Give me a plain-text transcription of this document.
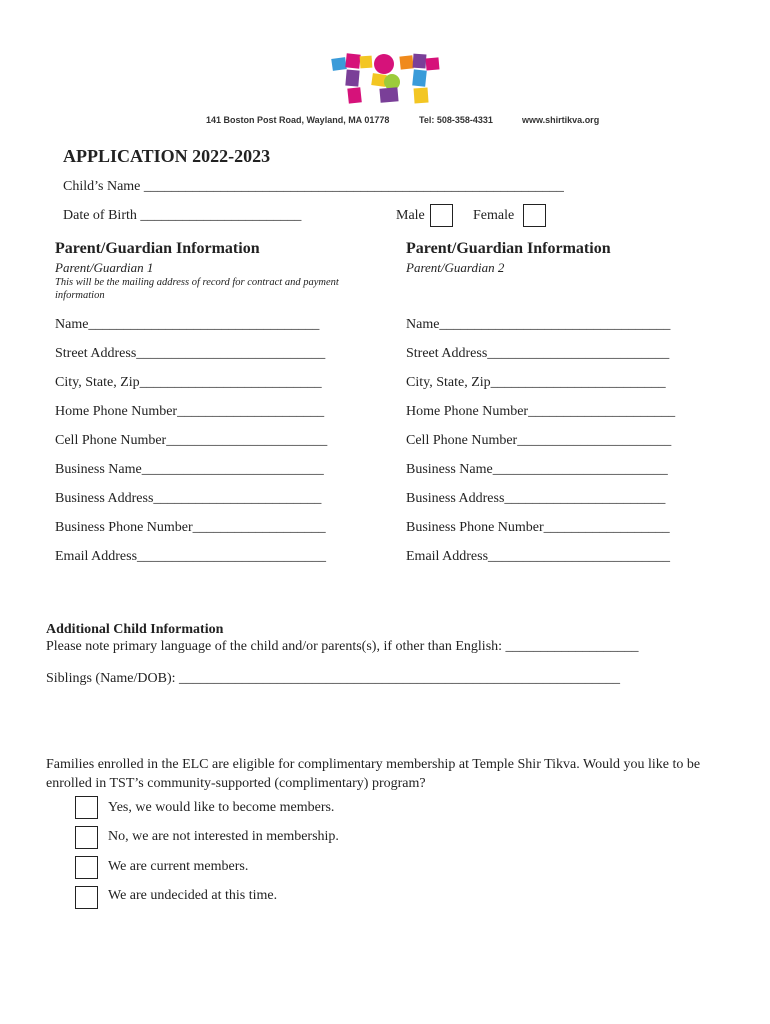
141 Boston Post Road, Wayland, MA 01778	Tel: 508-358-4331	www.shirtikva.org
APPLICATION 2022-2023
Child’s Name ____________________________________________________________
Date of Birth _______________________	Male	Female
Parent/Guardian Information
Parent/Guardian 1
This will be the mailing address of record for contract and payment information
Name_________________________________
Street Address___________________________
City, State, Zip__________________________
Home Phone Number_____________________
Cell Phone Number_______________________
Business Name__________________________
Business Address________________________
Business Phone Number___________________
Email Address___________________________
Parent/Guardian Information
Parent/Guardian 2
Name_________________________________
Street Address__________________________
City, State, Zip_________________________
Home Phone Number_____________________
Cell Phone Number______________________
Business Name_________________________
Business Address_______________________
Business Phone Number__________________
Email Address__________________________
Additional Child Information
Please note primary language of the child and/or parents(s), if other than English: ___________________
Siblings (Name/DOB): _______________________________________________________________
Families enrolled in the ELC are eligible for complimentary membership at Temple Shir Tikva. Would you like to be enrolled in TST’s community-supported (complimentary) program?
Yes, we would like to become members.
No, we are not interested in membership.
We are current members.
We are undecided at this time.
